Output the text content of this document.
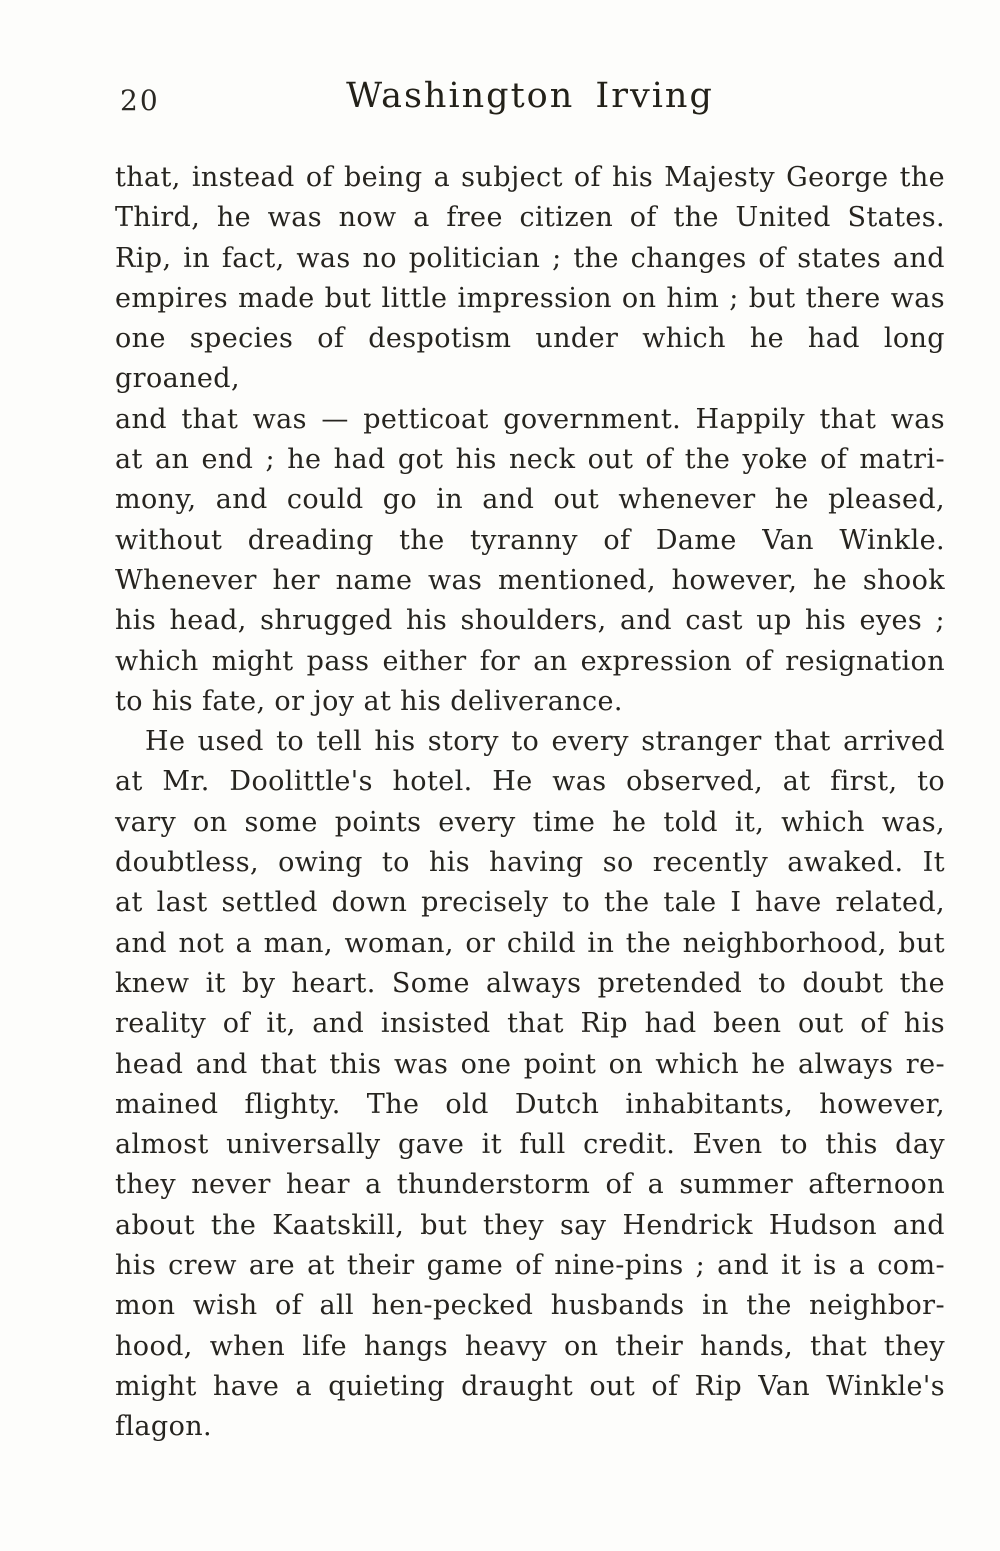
20	Washington Irving
that, instead of being a subject of his Majesty George the
Third, he was now a free citizen of the United States.
Rip, in fact, was no politician ; the changes of states and
empires made but little impression on him ; but there was
one species of despotism under which he had long groaned,
and that was — petticoat government. Happily that was
at an end ; he had got his neck out of the yoke of matri-
mony, and could go in and out whenever he pleased,
without dreading the tyranny of Dame Van Winkle.
Whenever her name was mentioned, however, he shook
his head, shrugged his shoulders, and cast up his eyes ;
which might pass either for an expression of resignation
to his fate, or joy at his deliverance.
He used to tell his story to every stranger that arrived
at Mr. Doolittle's hotel. He was observed, at first, to
vary on some points every time he told it, which was,
doubtless, owing to his having so recently awaked. It
at last settled down precisely to the tale I have related,
and not a man, woman, or child in the neighborhood, but
knew it by heart. Some always pretended to doubt the
reality of it, and insisted that Rip had been out of his
head and that this was one point on which he always re-
mained flighty. The old Dutch inhabitants, however,
almost universally gave it full credit. Even to this day
they never hear a thunderstorm of a summer afternoon
about the Kaatskill, but they say Hendrick Hudson and
his crew are at their game of nine-pins ; and it is a com-
mon wish of all hen-pecked husbands in the neighbor-
hood, when life hangs heavy on their hands, that they
might have a quieting draught out of Rip Van Winkle's
flagon.
